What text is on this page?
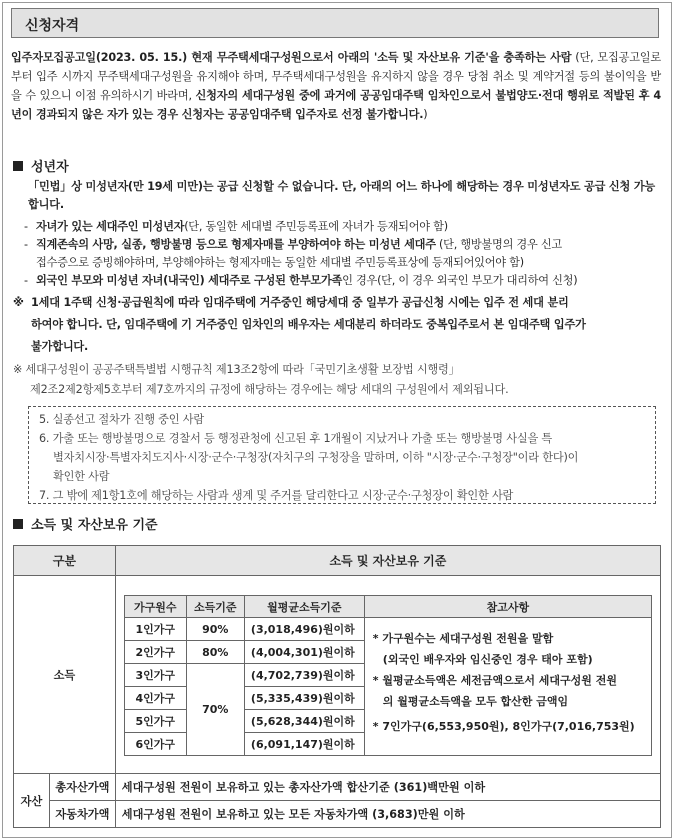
신청자격
입주자모집공고일(2023. 05. 15.) 현재 무주택세대구성원으로서 아래의 '소득 및 자산보유 기준'을 충족하는 사람 (단, 모집공고일로부터 입주 시까지 무주택세대구성원을 유지해야 하며, 무주택세대구성원을 유지하지 않을 경우 당첨 취소 및 계약거절 등의 불이익을 받을 수 있으니 이점 유의하시기 바라며, 신청자의 세대구성원 중에 과거에 공공임대주택 임차인으로서 불법양도·전대 행위로 적발된 후 4년이 경과되지 않은 자가 있는 경우 신청자는 공공임대주택 입주자로 선정 불가합니다.)
성년자
「민법」상 미성년자(만 19세 미만)는 공급 신청할 수 없습니다. 단, 아래의 어느 하나에 해당하는 경우 미성년자도 공급 신청 가능합니다.
- 자녀가 있는 세대주인 미성년자(단, 동일한 세대별 주민등록표에 자녀가 등재되어야 함)
- 직계존속의 사망, 실종, 행방불명 등으로 형제자매를 부양하여야 하는 미성년 세대주 (단, 행방불명의 경우 신고
접수증으로 증빙해야하며, 부양해야하는 형제자매는 동일한 세대별 주민등록표상에 등재되어있어야 함)
- 외국인 부모와 미성년 자녀(내국인) 세대주로 구성된 한부모가족인 경우(단, 이 경우 외국인 부모가 대리하여 신청)
※ 1세대 1주택 신청·공급원칙에 따라 임대주택에 거주중인 해당세대 중 일부가 공급신청 시에는 입주 전 세대 분리
하여야 합니다. 단, 임대주택에 기 거주중인 임차인의 배우자는 세대분리 하더라도 중복입주로서 본 임대주택 입주가
불가합니다.
※ 세대구성원이 공공주택특별법 시행규칙 제13조2항에 따라「국민기초생활 보장법 시행령」
제2조2제2항제5호부터 제7호까지의 규정에 해당하는 경우에는 해당 세대의 구성원에서 제외됩니다.
5. 실종선고 절차가 진행 중인 사람
6. 가출 또는 행방불명으로 경찰서 등 행정관청에 신고된 후 1개월이 지났거나 가출 또는 행방불명 사실을 특
별자치시장·특별자치도지사·시장·군수·구청장(자치구의 구청장을 말하며, 이하 "시장·군수·구청장"이라 한다)이
확인한 사람
7. 그 밖에 제1항1호에 해당하는 사람과 생계 및 주거를 달리한다고 시장·군수·구청장이 확인한 사람
소득 및 자산보유 기준
구분	소득 및 자산보유 기준
소득	
가구원수	소득기준	월평균소득기준	참고사항
1인가구	90%	(3,018,496)원이하	
* 가구원수는 세대구성원 전원을 말함
(외국인 배우자와 임신중인 경우 태아 포함)
* 월평균소득액은 세전금액으로서 세대구성원 전원
의 월평균소득액을 모두 합산한 금액임
* 7인가구(6,553,950원), 8인가구(7,016,753원)

2인가구	80%	(4,004,301)원이하
3인가구	70%	(4,702,739)원이하
4인가구	(5,335,439)원이하
5인가구	(5,628,344)원이하
6인가구	(6,091,147)원이하

자산	총자산가액	세대구성원 전원이 보유하고 있는 총자산가액 합산기준 (361)백만원 이하
자동차가액	세대구성원 전원이 보유하고 있는 모든 자동차가액 (3,683)만원 이하
